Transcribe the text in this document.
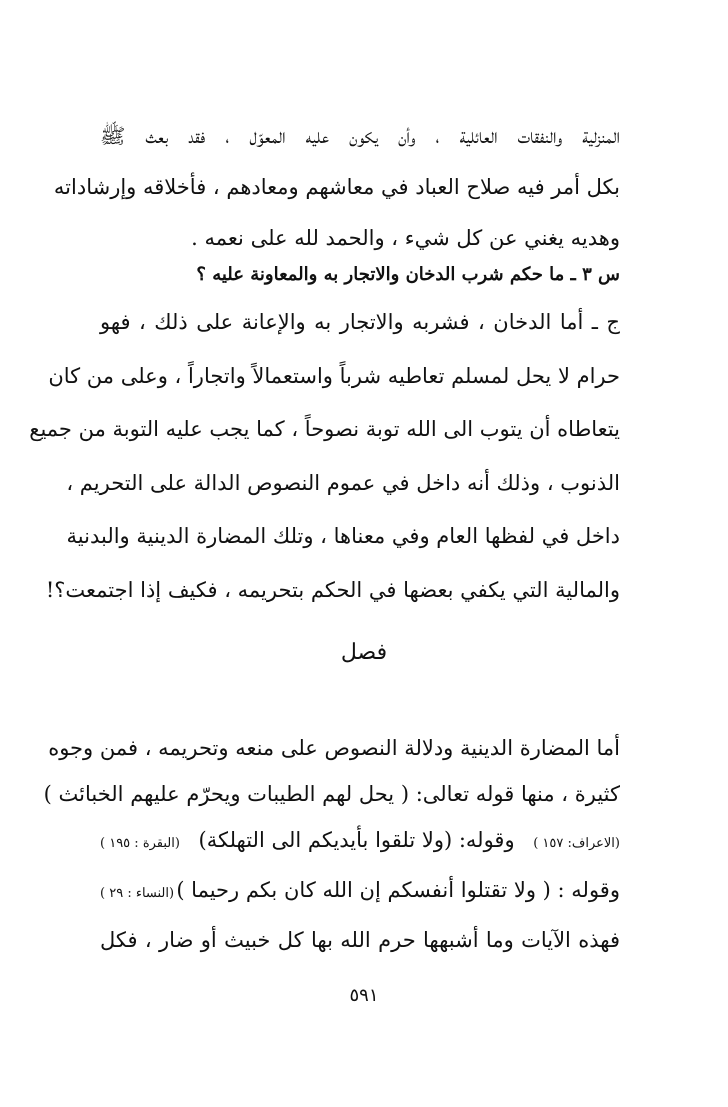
المنزلية والنفقات العائلية ، وأن يكون عليه المعوّل ، فقد بعث ﷺ
بكل أمر فيه صلاح العباد في معاشهم ومعادهم ، فأخلاقه وإرشاداته
وهديه يغني عن كل شيء ، والحمد لله على نعمه .
س ٣ ـ ما حكم شرب الدخان والاتجار به والمعاونة عليه ؟
ج ـ أما الدخان ، فشربه والاتجار به والإعانة على ذلك ، فهو
حرام لا يحل لمسلم تعاطيه شرباً واستعمالاً واتجاراً ، وعلى من كان
يتعاطاه أن يتوب الى الله توبة نصوحاً ، كما يجب عليه التوبة من جميع
الذنوب ، وذلك أنه داخل في عموم النصوص الدالة على التحريم ،
داخل في لفظها العام وفي معناها ، وتلك المضارة الدينية والبدنية
والمالية التي يكفي بعضها في الحكم بتحريمه ، فكيف إذا اجتمعت؟!
فصل
أما المضارة الدينية ودلالة النصوص على منعه وتحريمه ، فمن وجوه
كثيرة ، منها قوله تعالى: ( يحل لهم الطيبات ويحرّم عليهم الخبائث )
(الاعراف: ١٥٧ )
وقوله: (ولا تلقوا بأيديكم الى التهلكة)
(البقرة : ١٩٥ )
وقوله : ( ولا تقتلوا أنفسكم إن الله كان بكم رحيما )
(النساء : ٢٩ )
فهذه الآيات وما أشبهها حرم الله بها كل خبيث أو ضار ، فكل
٥٩١
